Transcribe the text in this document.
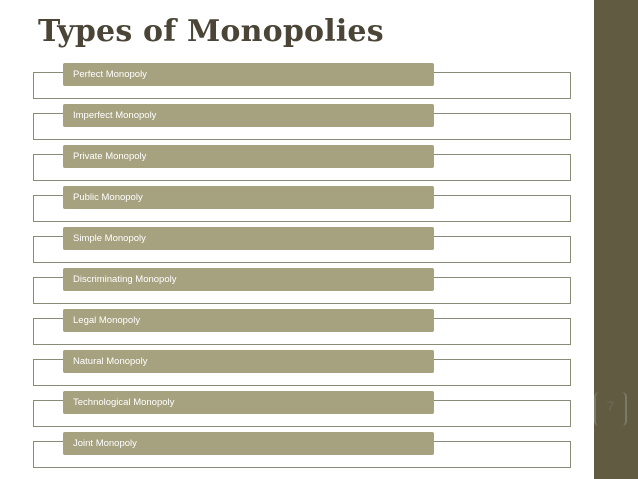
Types of Monopolies
Perfect Monopoly
Imperfect Monopoly
Private Monopoly
Public Monopoly
Simple Monopoly
Discriminating Monopoly
Legal Monopoly
Natural Monopoly
Technological Monopoly
Joint Monopoly
7
